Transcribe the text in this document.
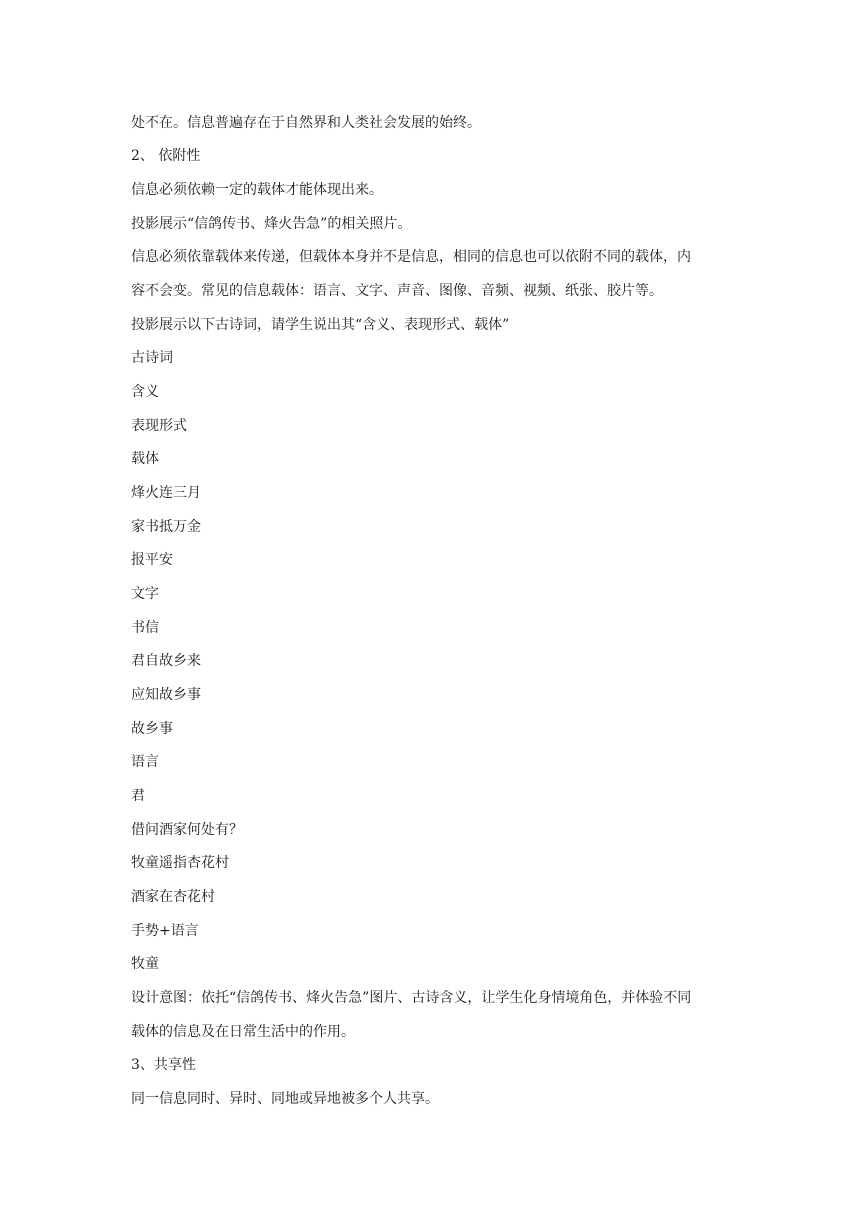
处不在。信息普遍存在于自然界和人类社会发展的始终。
2、 依附性
信息必须依赖一定的载体才能体现出来。
投影展示“信鸽传书、烽火告急”的相关照片。
信息必须依靠载体来传递，但载体本身并不是信息，相同的信息也可以依附不同的载体，内
容不会变。常见的信息载体：语言、文字、声音、图像、音频、视频、纸张、胶片等。
投影展示以下古诗词，请学生说出其“含义、表现形式、载体”
古诗词
含义
表现形式
载体
烽火连三月
家书抵万金
报平安
文字
书信
君自故乡来
应知故乡事
故乡事
语言
君
借问酒家何处有？
牧童遥指杏花村
酒家在杏花村
手势+语言
牧童
设计意图：依托“信鸽传书、烽火告急”图片、古诗含义，让学生化身情境角色，并体验不同
载体的信息及在日常生活中的作用。
3、共享性
同一信息同时、异时、同地或异地被多个人共享。
